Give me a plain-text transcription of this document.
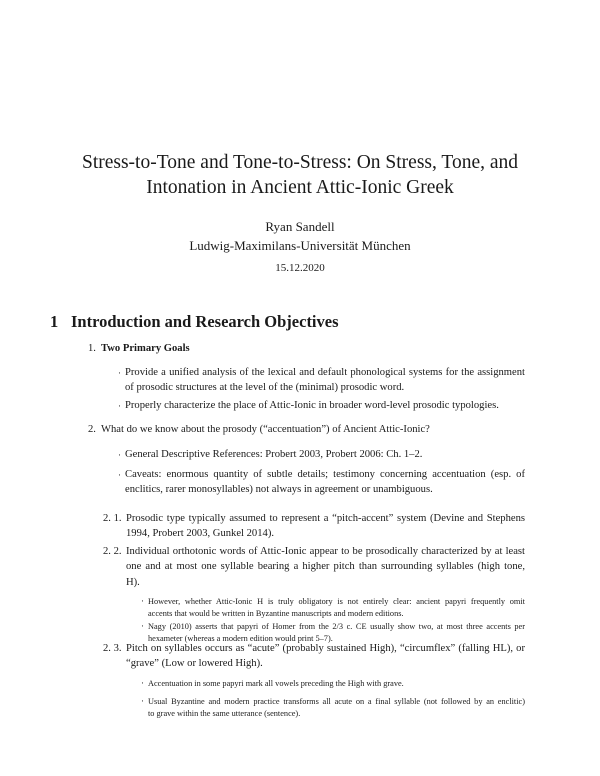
Stress-to-Tone and Tone-to-Stress: On Stress, Tone, and
Intonation in Ancient Attic-Ionic Greek
Ryan Sandell
Ludwig-Maximilans-Universität München
15.12.2020
1 Introduction and Research Objectives
1. Two Primary Goals
· Provide a unified analysis of the lexical and default phonological systems for the assignment
of prosodic structures at the level of the (minimal) prosodic word.
· Properly characterize the place of Attic-Ionic in broader word-level prosodic typologies.
2. What do we know about the prosody (“accentuation”) of Ancient Attic-Ionic?
· General Descriptive References: Probert 2003, Probert 2006: Ch. 1–2.
· Caveats: enormous quantity of subtle details; testimony concerning accentuation (esp. of
enclitics, rarer monosyllables) not always in agreement or unambiguous.
2. 1. Prosodic type typically assumed to represent a “pitch-accent” system (Devine and Stephens
1994, Probert 2003, Gunkel 2014).
2. 2. Individual orthotonic words of Attic-Ionic appear to be prosodically characterized by at least
one and at most one syllable bearing a higher pitch than surrounding syllables (high tone,
H).
· However, whether Attic-Ionic H is truly obligatory is not entirely clear: ancient papyri frequently omit
accents that would be written in Byzantine manuscripts and modern editions.
· Nagy (2010) asserts that papyri of Homer from the 2/3 c. CE usually show two, at most three accents per
hexameter (whereas a modern edition would print 5–7).
2. 3. Pitch on syllables occurs as “acute” (probably sustained High), “circumflex” (falling HL), or
“grave” (Low or lowered High).
· Accentuation in some papyri mark all vowels preceding the High with grave.
· Usual Byzantine and modern practice transforms all acute on a final syllable (not followed by an enclitic)
to grave within the same utterance (sentence).
